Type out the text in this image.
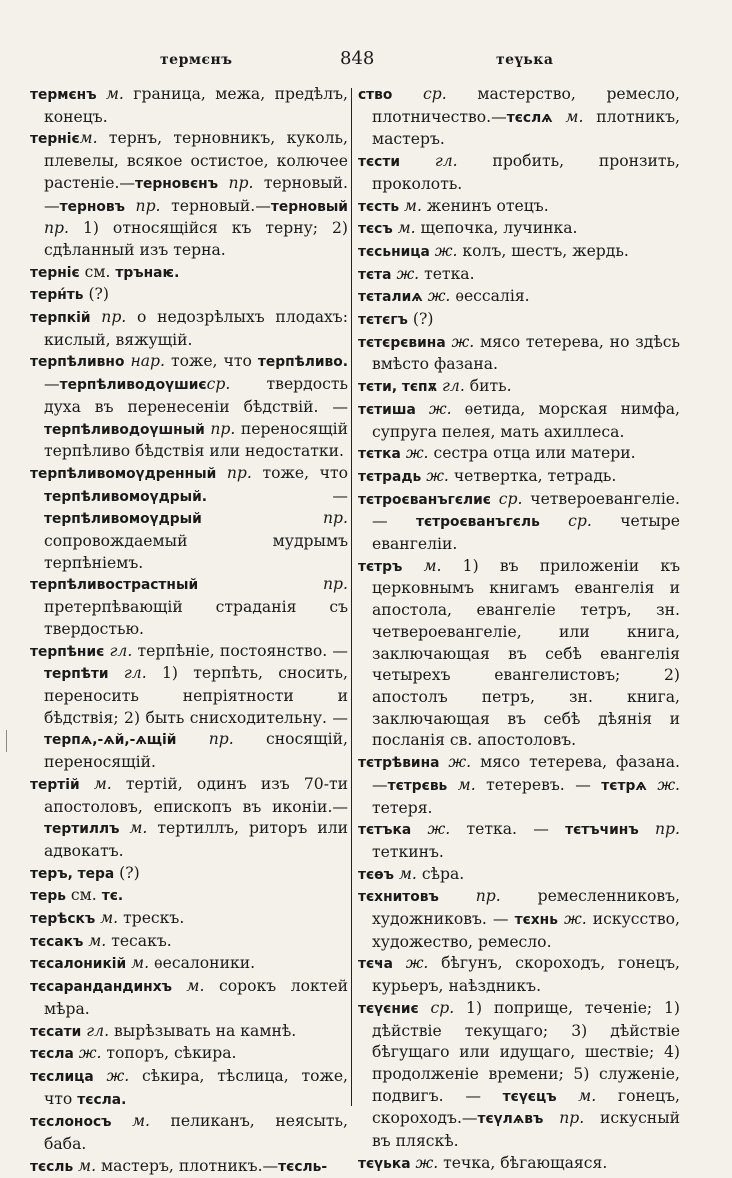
термєнъ	848	теүька

термєнъ м. граница, межа, предѣлъ, конецъ.

тернієм. тернъ, терновникъ, куколь, плевелы, всякое остистое, колючее растеніе.—терновєнъ пр. терновый. —терновъ пр. терновый.—терновый пр. 1) относящійся къ терну; 2) сдѣланный изъ терна.

терніє см. трънаѥ.

терн́ть (?)

терпкій пр. о недозрѣлыхъ плодахъ: кислый, вяжущій.

терпѣливно нар. тоже, что терпѣливо.—терпѣливодоүшиєср. твердость духа въ перенесеніи бѣдствій. — терпѣливодоүшный пр. переносящій терпѣливо бѣдствія или недостатки.

терпѣливомоүдренный пр. тоже, что терпѣливомоүдрый. — терпѣливомоүдрый пр. сопровождаемый мудрымъ терпѣніемъ.

терпѣливострастный пр. претерпѣвающій страданія съ твердостью.

терпѣниє гл. терпѣніе, постоянство. —терпѣти гл. 1) терпѣть, сносить, переносить непріятности и бѣдствія; 2) быть снисходительну. — терпѧ,-ѧй,-ѧщій пр. сносящій, переносящій.

тертій м. тертій, одинъ изъ 70-ти апостоловъ, епископъ въ иконіи.—тертиллъ м. тертиллъ, риторъ или адвокатъ.

теръ, тера (?)

терь см. тє.

терѣскъ м. трескъ.

тєсакъ м. тесакъ.

тєсалоникій м. ѳесалоники.

тєсарандандинхъ м. сорокъ локтей мѣра.

тєсати гл. вырѣзывать на камнѣ.

тєсла ж. топоръ, сѣкира.

тєслица ж. сѣкира, тѣслица, тоже, что тєсла.

тєслоносъ м. пеликанъ, неясыть, баба.

тєсль м. мастеръ, плотникъ.—тєсль-

ство ср. мастерство, ремесло, плотничество.—тєслѧ м. плотникъ, мастеръ.

тєсти гл. пробить, пронзить, проколоть.

тєсть м. женинъ отецъ.

тєсъ м. щепочка, лучинка.

тєсьница ж. колъ, шестъ, жердь.

тєта ж. тетка.

тєталиѧ ж. ѳессалія.

тєтєгъ (?)

тєтєрєвина ж. мясо тетерева, но здѣсь вмѣсто фазана.

тєти, тєпѫ гл. бить.

тєтиша ж. ѳетида, морская нимфа, супруга пелея, мать ахиллеса.

тєтка ж. сестра отца или матери.

тєтрадь ж. четвертка, тетрадь.

тєтроєванъгєлиє ср. четвероевангеліе. — тєтроєванъгєль ср. четыре евангеліи.

тєтръ м. 1) въ приложеніи къ церковнымъ книгамъ евангелія и апостола, евангеліе тетръ, зн. четвероевангеліе, или книга, заключающая въ себѣ евангелія четырехъ евангелистовъ; 2) апостолъ петръ, зн. книга, заключающая въ себѣ дѣянія и посланія св. апостоловъ.

тєтрѣвина ж. мясо тетерева, фазана. —тєтрєвь м. тетеревъ. — тєтрѧ ж. тетеря.

тєтъка ж. тетка. — тєтъчинъ пр. теткинъ.

тєѳъ м. сѣра.

тєхнитовъ пр. ремесленниковъ, художниковъ. — тєхнь ж. искусство, художество, ремесло.

тєҹа ж. бѣгунъ, скороходъ, гонецъ, курьеръ, наѣздникъ.

тєүєниє ср. 1) поприще, теченіе; 1) дѣйствіе текущаго; 3) дѣйствіе бѣгущаго или идущаго, шествіе; 4) продолженіе времени; 5) служеніе, подвигъ. — тєүєцъ м. гонецъ, скороходъ.—тєүлѧвъ пр. искусный въ пляскѣ.

тєүька ж. течка, бѣгающаяся.
